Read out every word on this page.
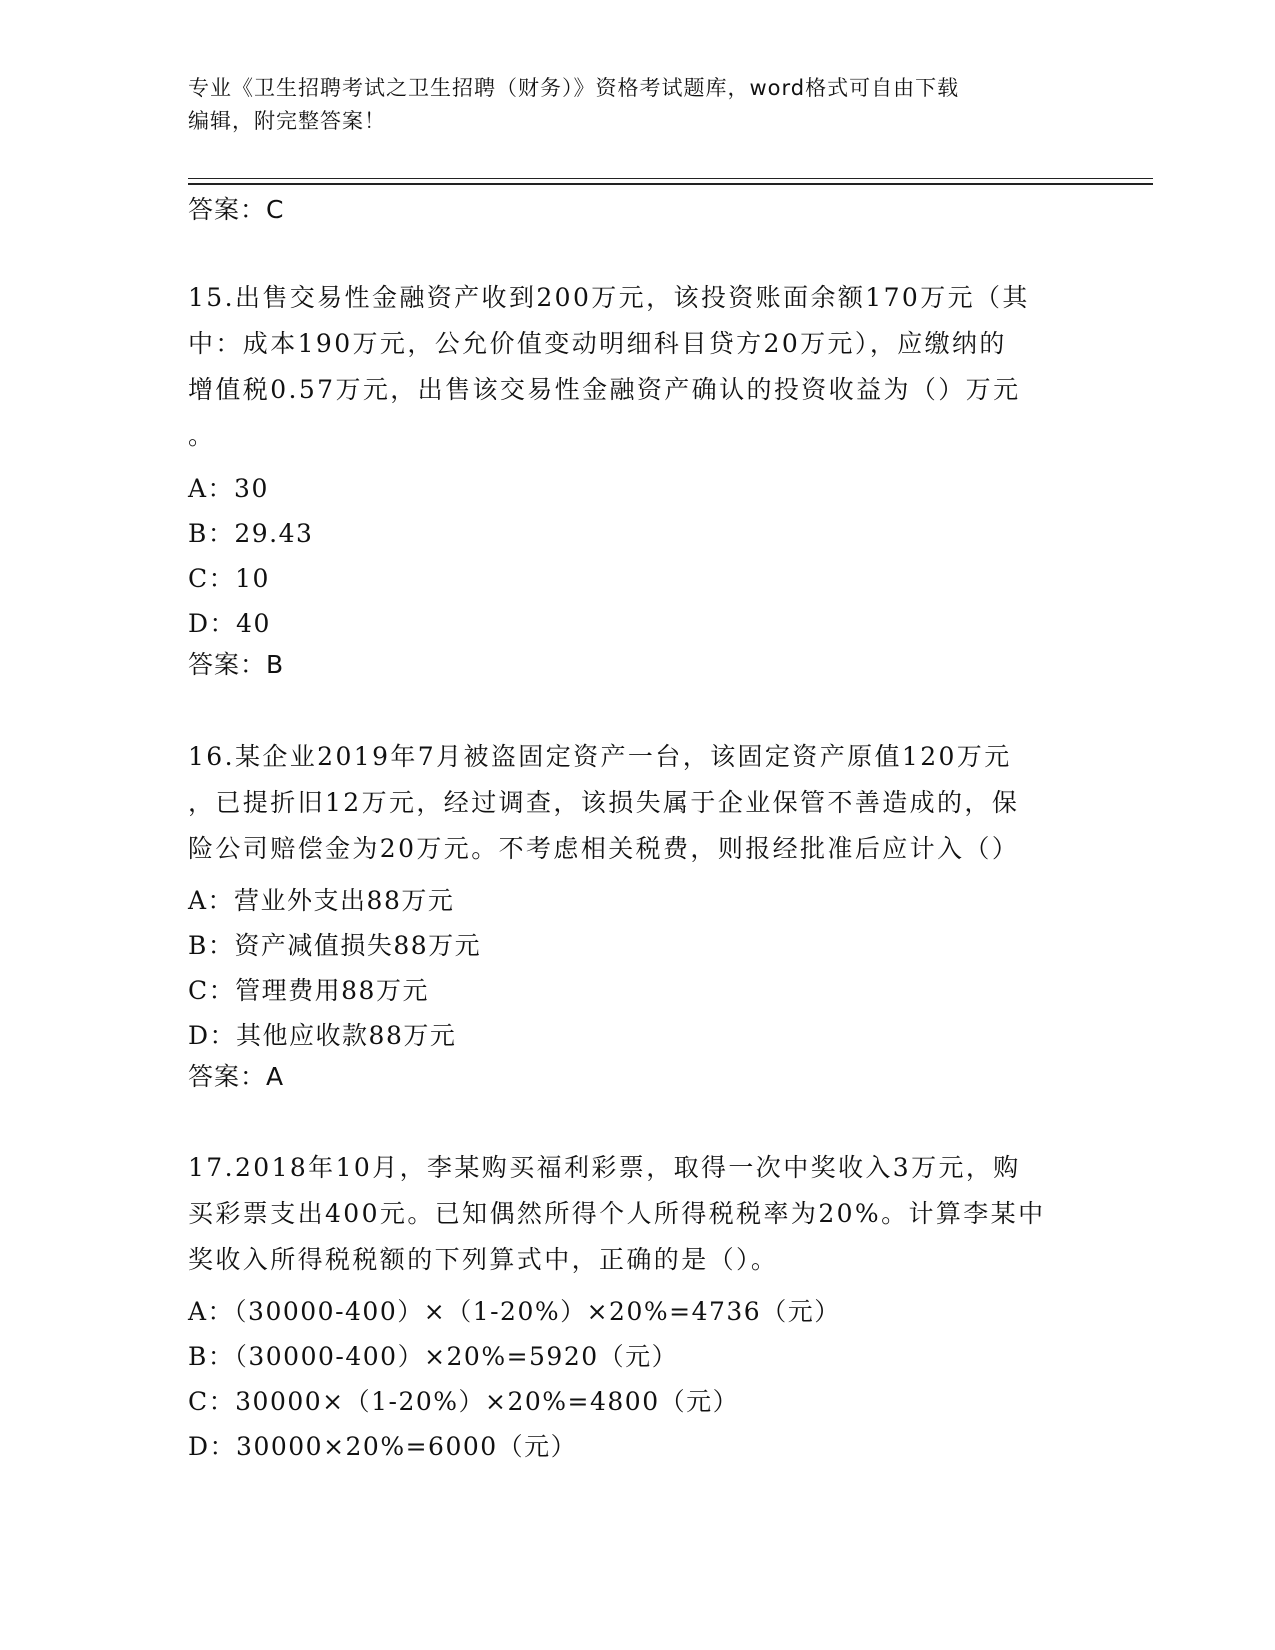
专业《卫生招聘考试之卫生招聘（财务）》资格考试题库，word格式可自由下载
编辑，附完整答案！
答案：C
15.出售交易性金融资产收到200万元，该投资账面余额170万元（其
中：成本190万元，公允价值变动明细科目贷方20万元），应缴纳的
增值税0.57万元，出售该交易性金融资产确认的投资收益为（）万元
。
A：30
B：29.43
C：10
D：40
答案：B
16.某企业2019年7月被盗固定资产一台，该固定资产原值120万元
，已提折旧12万元，经过调查，该损失属于企业保管不善造成的，保
险公司赔偿金为20万元。不考虑相关税费，则报经批准后应计入（）
A：营业外支出88万元
B：资产减值损失88万元
C：管理费用88万元
D：其他应收款88万元
答案：A
17.2018年10月，李某购买福利彩票，取得一次中奖收入3万元，购
买彩票支出400元。已知偶然所得个人所得税税率为20%。计算李某中
奖收入所得税税额的下列算式中，正确的是（）。
A：（30000-400）×（1-20%）×20%=4736（元）
B：（30000-400）×20%=5920（元）
C：30000×（1-20%）×20%=4800（元）
D：30000×20%=6000（元）
